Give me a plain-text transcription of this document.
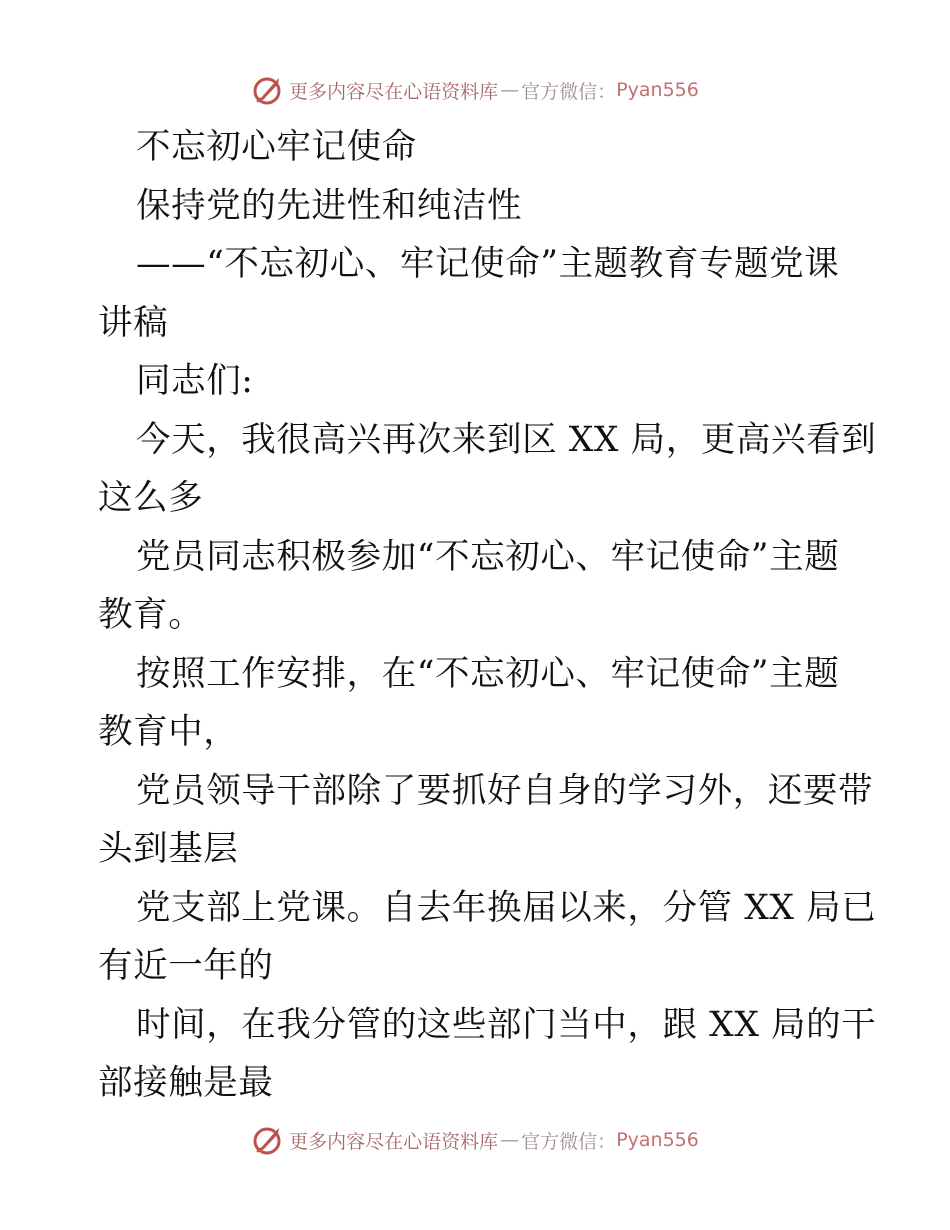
更多内容尽在心语资料库 — 官方微信： Pyan556
不忘初心牢记使命
保持党的先进性和纯洁性
——“不忘初心、牢记使命”主题教育专题党课
讲稿
同志们:
今天，我很高兴再次来到区 XX 局，更高兴看到
这么多
党员同志积极参加“不忘初心、牢记使命”主题
教育。
按照工作安排，在“不忘初心、牢记使命”主题
教育中，
党员领导干部除了要抓好自身的学习外，还要带
头到基层
党支部上党课。自去年换届以来，分管 XX 局已
有近一年的
时间，在我分管的这些部门当中，跟 XX 局的干
部接触是最
更多内容尽在心语资料库 — 官方微信： Pyan556
